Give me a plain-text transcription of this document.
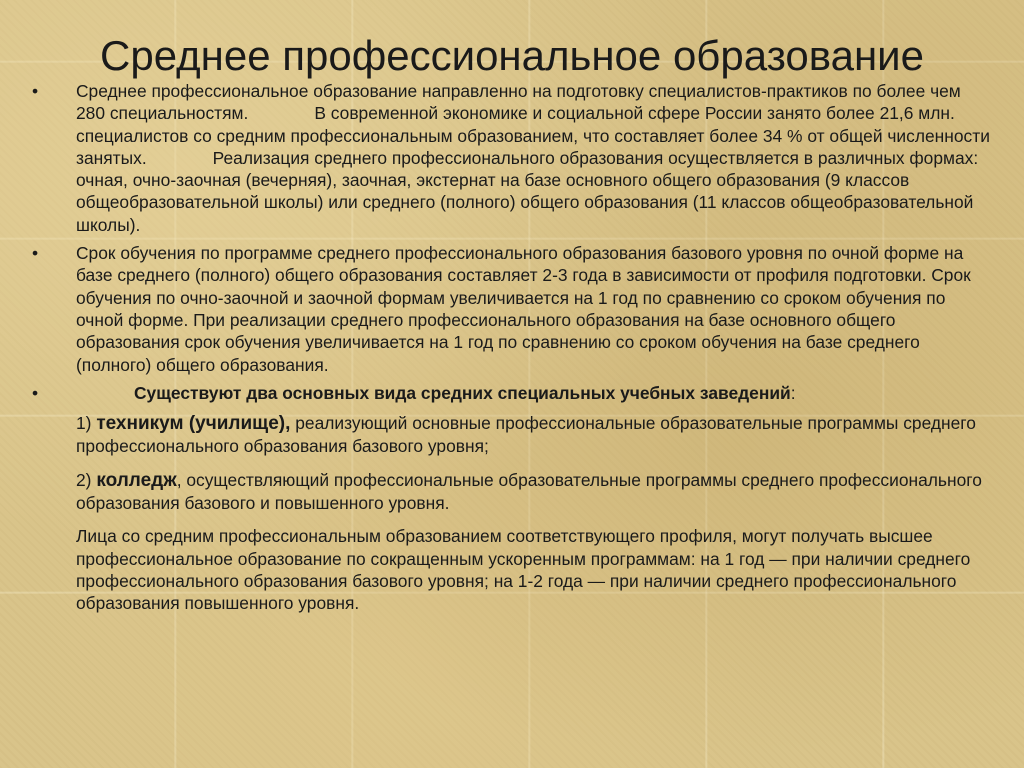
Среднее профессиональное образование
•	Среднее профессиональное образование направленно на подготовку специалистов-практиков по более чем 280 специальностям.	В современной экономике и социальной сфере России занято более 21,6 млн. специалистов со средним профессиональным образованием, что составляет более 34 % от общей численности занятых.	Реализация среднего профессионального образования осуществляется в различных формах: очная, очно-заочная (вечерняя), заочная, экстернат на базе основного общего образования (9 классов общеобразовательной школы) или среднего (полного) общего образования (11 классов общеобразовательной школы).
•	Срок обучения по программе среднего профессионального образования базового уровня по очной форме на базе среднего (полного) общего образования составляет 2-3 года в зависимости от профиля подготовки. Срок обучения по очно-заочной и заочной формам увеличивается на 1 год по сравнению со сроком обучения по очной форме. При реализации среднего профессионального образования на базе основного общего образования срок обучения увеличивается на 1 год по сравнению со сроком обучения на базе среднего (полного) общего образования.
•	Существуют два основных вида средних специальных учебных заведений:

1) техникум (училище), реализующий основные профессиональные образовательные программы среднего профессионального образования базового уровня;

2) колледж, осуществляющий профессиональные образовательные программы среднего профессионального образования базового и повышенного уровня.

Лица со средним профессиональным образованием соответствующего профиля, могут получать высшее профессиональное образование по сокращенным ускоренным программам: на 1 год — при наличии среднего профессионального образования базового уровня; на 1-2 года — при наличии среднего профессионального образования повышенного уровня.
